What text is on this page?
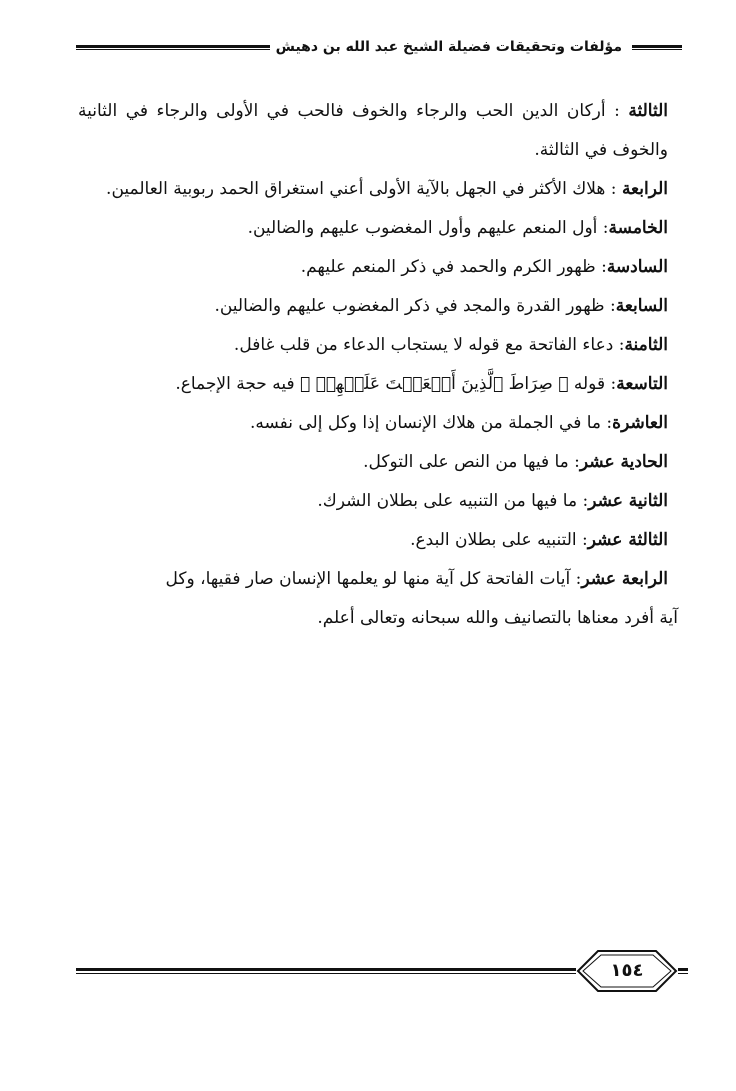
مؤلفات وتحقيقات فضيلة الشيخ عبد الله بن دهيش

الثالثة : أركان الدين الحب والرجاء والخوف فالحب في الأولى والرجاء في الثانية والخوف في الثالثة.

الرابعة : هلاك الأكثر في الجهل بالآية الأولى أعني استغراق الحمد ربوبية العالمين.

الخامسة: أول المنعم عليهم وأول المغضوب عليهم والضالين.

السادسة: ظهور الكرم والحمد في ذكر المنعم عليهم.

السابعة: ظهور القدرة والمجد في ذكر المغضوب عليهم والضالين.

الثامنة: دعاء الفاتحة مع قوله لا يستجاب الدعاء من قلب غافل.

التاسعة: قوله ﴿ صِرَاطَ ٱلَّذِينَ أَنۡعَمۡتَ عَلَيۡهِمۡ ﴾ فيه حجة الإجماع.

العاشرة: ما في الجملة من هلاك الإنسان إذا وكل إلى نفسه.

الحادية عشر: ما فيها من النص على التوكل.

الثانية عشر: ما فيها من التنبيه على بطلان الشرك.

الثالثة عشر: التنبيه على بطلان البدع.

الرابعة عشر: آيات الفاتحة كل آية منها لو يعلمها الإنسان صار فقيها، وكل

آية أفرد معناها بالتصانيف والله سبحانه وتعالى أعلم.

١٥٤
